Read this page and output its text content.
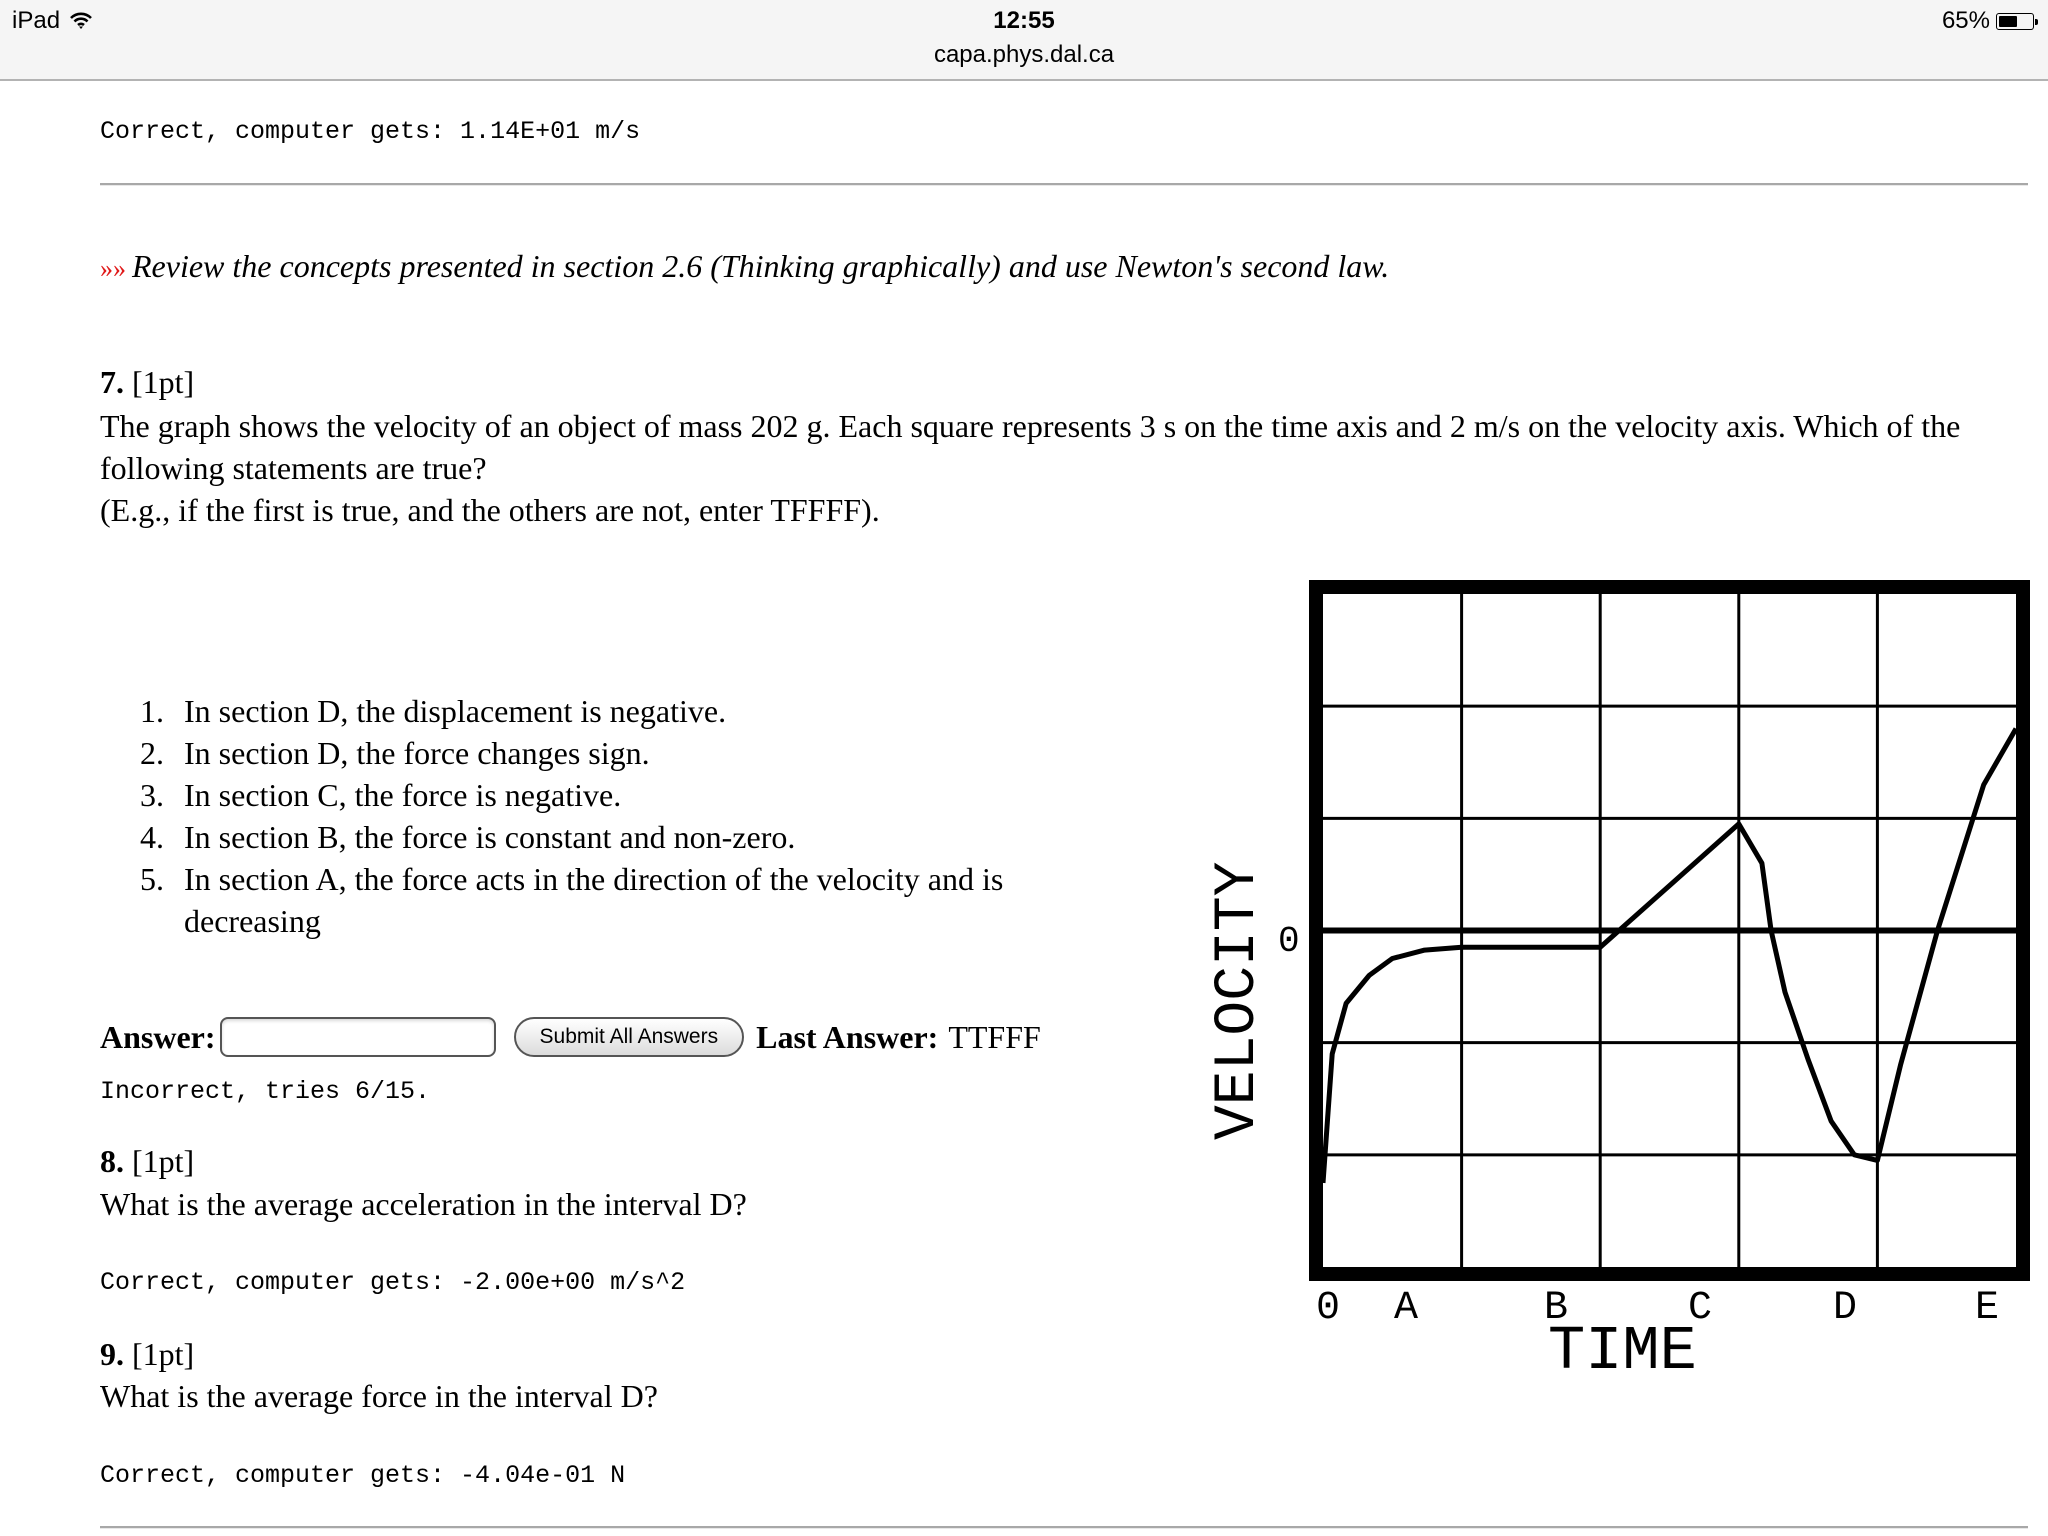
iPad	12:55
capa.phys.dal.ca
65%
Correct, computer gets: 1.14E+01 m/s
»» Review the concepts presented in section 2.6 (Thinking graphically) and use Newton's second law.
7. [1pt]
The graph shows the velocity of an object of mass 202 g. Each square represents 3 s on the time axis and 2 m/s on the velocity axis. Which of the following statements are true?
(E.g., if the first is true, and the others are not, enter TFFFF).
1. In section D, the displacement is negative.
2. In section D, the force changes sign.
3. In section C, the force is negative.
4. In section B, the force is constant and non-zero.
5. In section A, the force acts in the direction of the velocity and is decreasing
Answer:	Submit All Answers	Last Answer: TTFFF
Incorrect, tries 6/15.
8. [1pt]
What is the average acceleration in the interval D?
Correct, computer gets: -2.00e+00 m/s^2
9. [1pt]
What is the average force in the interval D?
Correct, computer gets: -4.04e-01 N
VELOCITY 0
0 A	B	C	D	E
TIME
